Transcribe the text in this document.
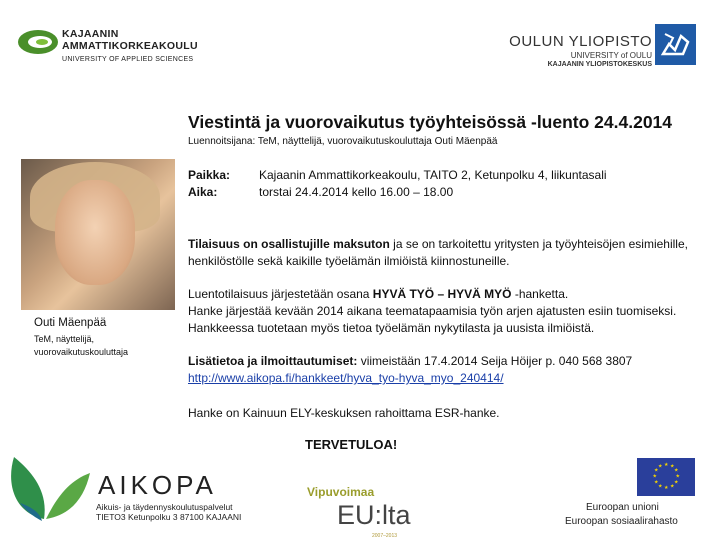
KAJAANIN
AMMATTIKORKEAKOULU
UNIVERSITY OF APPLIED SCIENCES
OULUN YLIOPISTO
UNIVERSITY of OULU
KAJAANIN YLIOPISTOKESKUS
Viestintä ja vuorovaikutus työyhteisössä -luento 24.4.2014
Luennoitsijana: TeM, näyttelijä, vuorovaikutuskouluttaja Outi Mäenpää
Outi Mäenpää
TeM, näyttelijä,
vuorovaikutuskouluttaja
Paikka: Kajaanin Ammattikorkeakoulu, TAITO 2, Ketunpolku 4, liikuntasali
Aika:	torstai 24.4.2014 kello 16.00 – 18.00
Tilaisuus on osallistujille maksuton ja se on tarkoitettu yritysten ja työyhteisöjen esimiehille, henkilöstölle sekä kaikille työelämän ilmiöistä kiinnostuneille.
Luentotilaisuus järjestetään osana HYVÄ TYÖ – HYVÄ MYÖ -hanketta.
Hanke järjestää kevään 2014 aikana teematapaamisia työn arjen ajatusten esiin tuomiseksi.
Hankkeessa tuotetaan myös tietoa työelämän nykytilasta ja uusista ilmiöistä.
Lisätietoa ja ilmoittautumiset: viimeistään 17.4.2014 Seija Höijer p. 040 568 3807
http://www.aikopa.fi/hankkeet/hyva_tyo-hyva_myo_240414/
Hanke on Kainuun ELY-keskuksen rahoittama ESR-hanke.
TERVETULOA!
AIKOPA
Aikuis- ja täydennyskoulutuspalvelut
TIETO3 Ketunpolku 3 87100 KAJAANI
Vipuvoimaa
EU:lta
2007–2013
★ ★
★
★
★
★
★
★
★
★
★
★
Euroopan unioni
Euroopan sosiaalirahasto
